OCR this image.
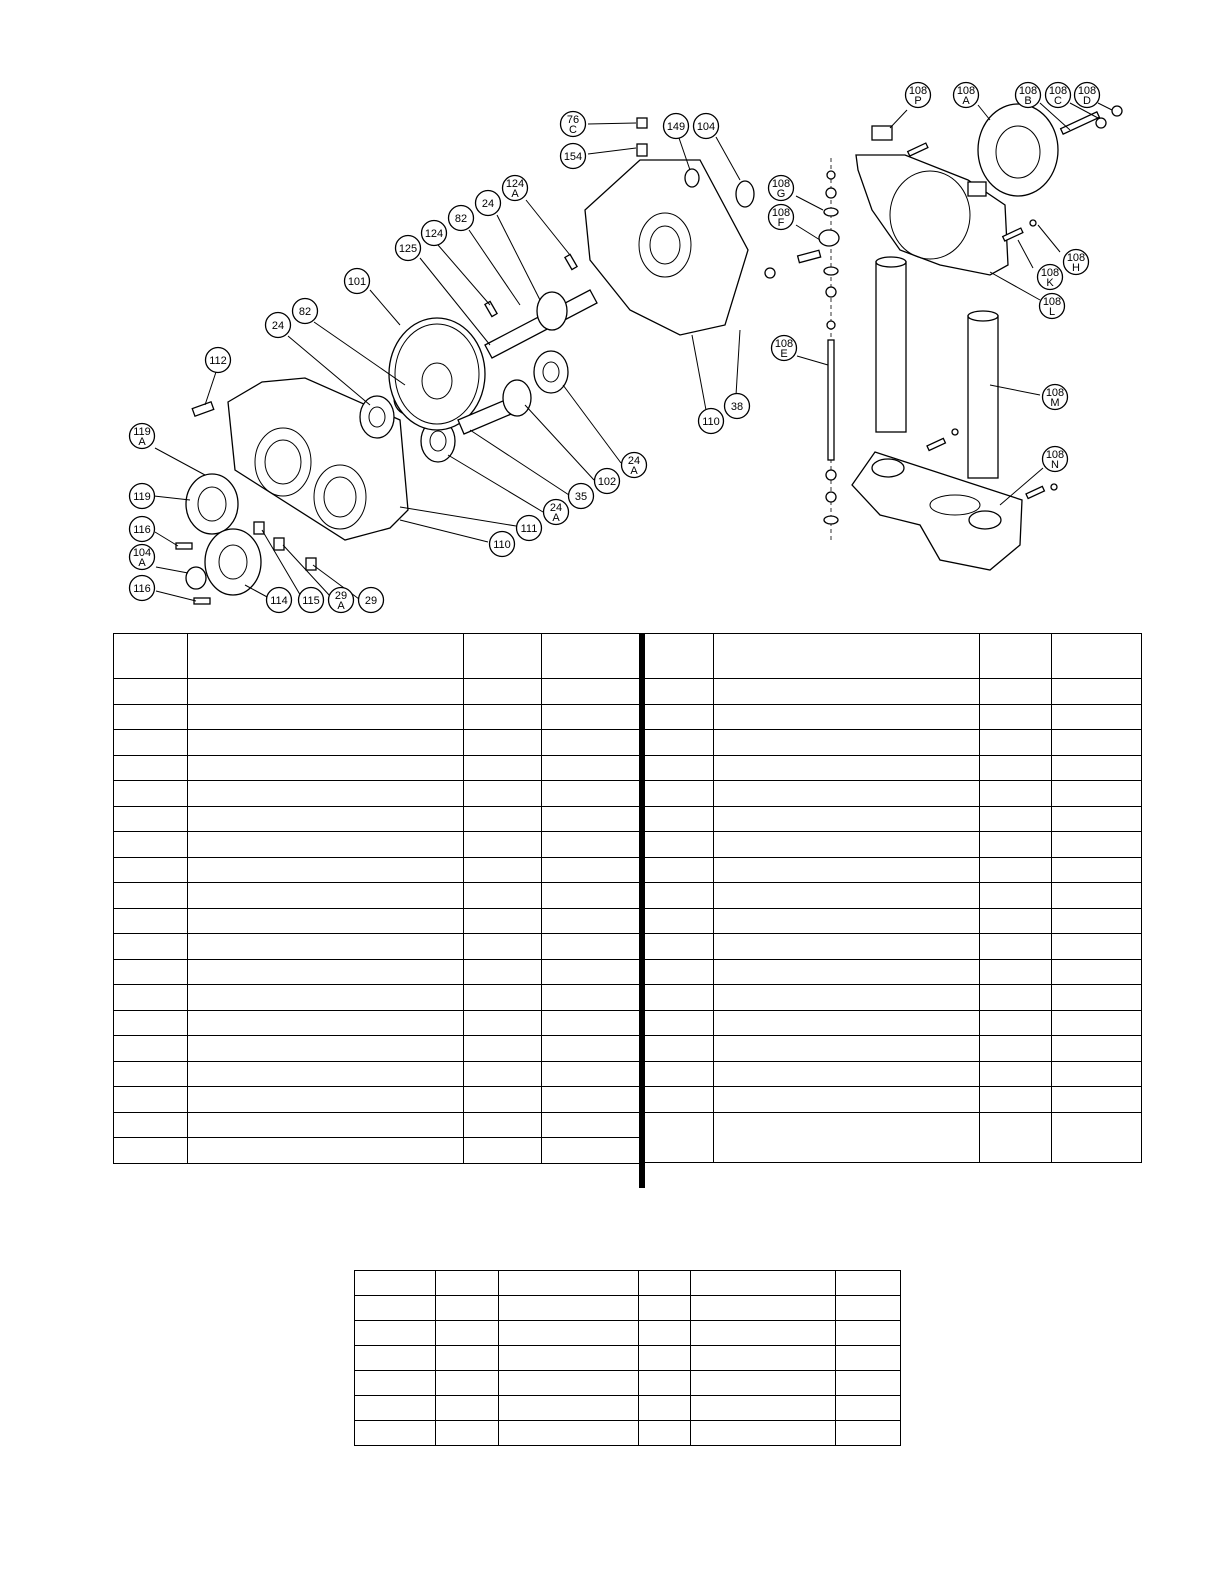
76
C
154
149 104
124
A
24
82
124
125
101
82
24
112
119
A
119
116
104
A
116
114 115 29
A 29
110
111
24
A
35
102
24
A
110
38
108
G
108
F
108
E
108
P
108
A
108
B
108
C
108
D
108
H
108
K
108
L
108
M
108
N
